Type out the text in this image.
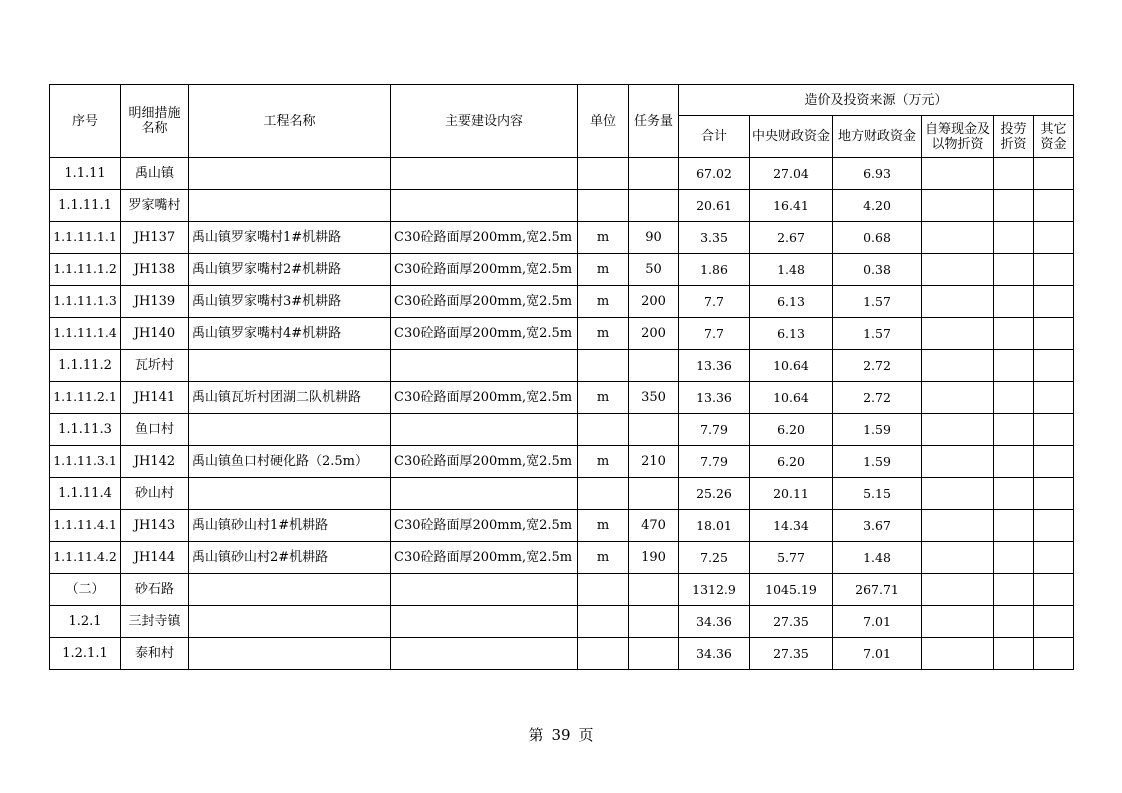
序号	明细措施名称	工程名称	主要建设内容	单位	任务量	造价及投资来源（万元）					
						合计	中央财政资金	地方财政资金	自筹现金及以物折资	投劳折资	其它资金
1.1.11	禹山镇					67.02	27.04	6.93			
1.1.11.1	罗家嘴村					20.61	16.41	4.20			
1.1.11.1.1	JH137	禹山镇罗家嘴村1#机耕路	C30砼路面厚200mm,宽2.5m	m	90	3.35	2.67	0.68			
1.1.11.1.2	JH138	禹山镇罗家嘴村2#机耕路	C30砼路面厚200mm,宽2.5m	m	50	1.86	1.48	0.38			
1.1.11.1.3	JH139	禹山镇罗家嘴村3#机耕路	C30砼路面厚200mm,宽2.5m	m	200	7.7	6.13	1.57			
1.1.11.1.4	JH140	禹山镇罗家嘴村4#机耕路	C30砼路面厚200mm,宽2.5m	m	200	7.7	6.13	1.57			
1.1.11.2	瓦圻村					13.36	10.64	2.72			
1.1.11.2.1	JH141	禹山镇瓦圻村团湖二队机耕路	C30砼路面厚200mm,宽2.5m	m	350	13.36	10.64	2.72			
1.1.11.3	鱼口村					7.79	6.20	1.59			
1.1.11.3.1	JH142	禹山镇鱼口村硬化路（2.5m）	C30砼路面厚200mm,宽2.5m	m	210	7.79	6.20	1.59			
1.1.11.4	砂山村					25.26	20.11	5.15			
1.1.11.4.1	JH143	禹山镇砂山村1#机耕路	C30砼路面厚200mm,宽2.5m	m	470	18.01	14.34	3.67			
1.1.11.4.2	JH144	禹山镇砂山村2#机耕路	C30砼路面厚200mm,宽2.5m	m	190	7.25	5.77	1.48			
（二）	砂石路					1312.9	1045.19	267.71			
1.2.1	三封寺镇					34.36	27.35	7.01			
1.2.1.1	泰和村					34.36	27.35	7.01			
第 39 页
